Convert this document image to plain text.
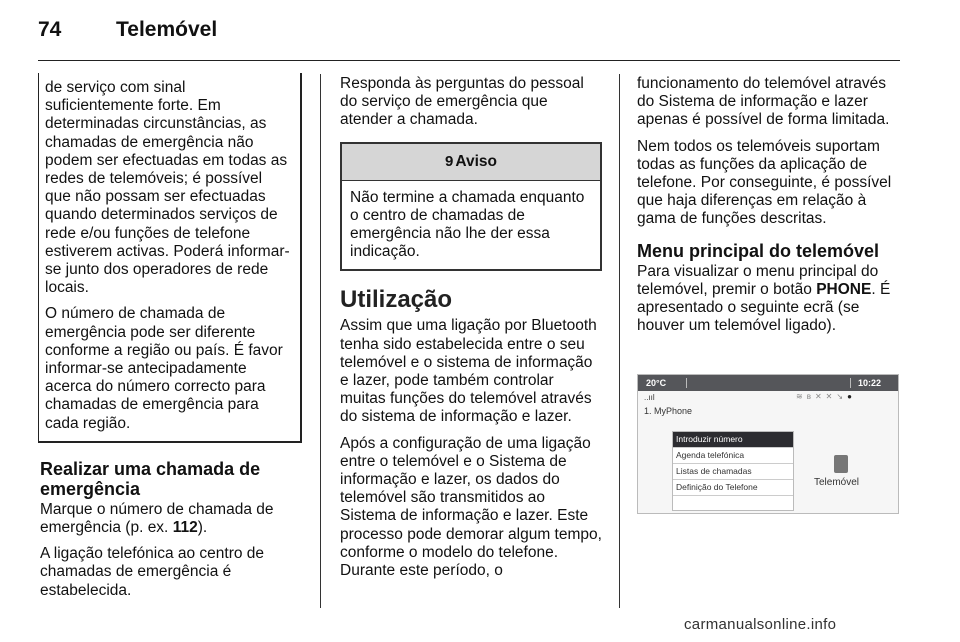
74	Telemóvel

de serviço com sinal suficientemente forte. Em determinadas circunstâncias, as chamadas de emergência não podem ser efectuadas em todas as redes de telemóveis; é possível que não possam ser efectuadas quando determinados serviços de rede e/ou funções de telefone estiverem activas. Poderá informar-se junto dos operadores de rede locais.

O número de chamada de emergência pode ser diferente conforme a região ou país. É favor informar-se antecipadamente acerca do número correcto para chamadas de emergência para cada região.

Realizar uma chamada de emergência

Marque o número de chamada de emergência (p. ex. 112).

A ligação telefónica ao centro de chamadas de emergência é estabelecida.

Responda às perguntas do pessoal do serviço de emergência que atender a chamada.

9 Aviso
Não termine a chamada enquanto o centro de chamadas de emergência não lhe der essa indicação.
Utilização

Assim que uma ligação por Bluetooth tenha sido estabelecida entre o seu telemóvel e o sistema de informação e lazer, pode também controlar muitas funções do telemóvel através do sistema de informação e lazer.

Após a configuração de uma ligação entre o telemóvel e o Sistema de informação e lazer, os dados do telemóvel são transmitidos ao Sistema de informação e lazer. Este processo pode demorar algum tempo, conforme o modelo do telefone. Durante este período, o

funcionamento do telemóvel através do Sistema de informação e lazer apenas é possível de forma limitada.

Nem todos os telemóveis suportam todas as funções da aplicação de telefone. Por conseguinte, é possível que haja diferenças em relação à gama de funções descritas.

Menu principal do telemóvel

Para visualizar o menu principal do telemóvel, premir o botão PHONE. É apresentado o seguinte ecrã (se houver um telemóvel ligado).

20°C	10:22
..ııl	≋ʙ✕✕↘●
1. MyPhone
Introduzir número
Agenda telefónica
Listas de chamadas
Definição do Telefone	Telemóvel
carmanualsonline.info
